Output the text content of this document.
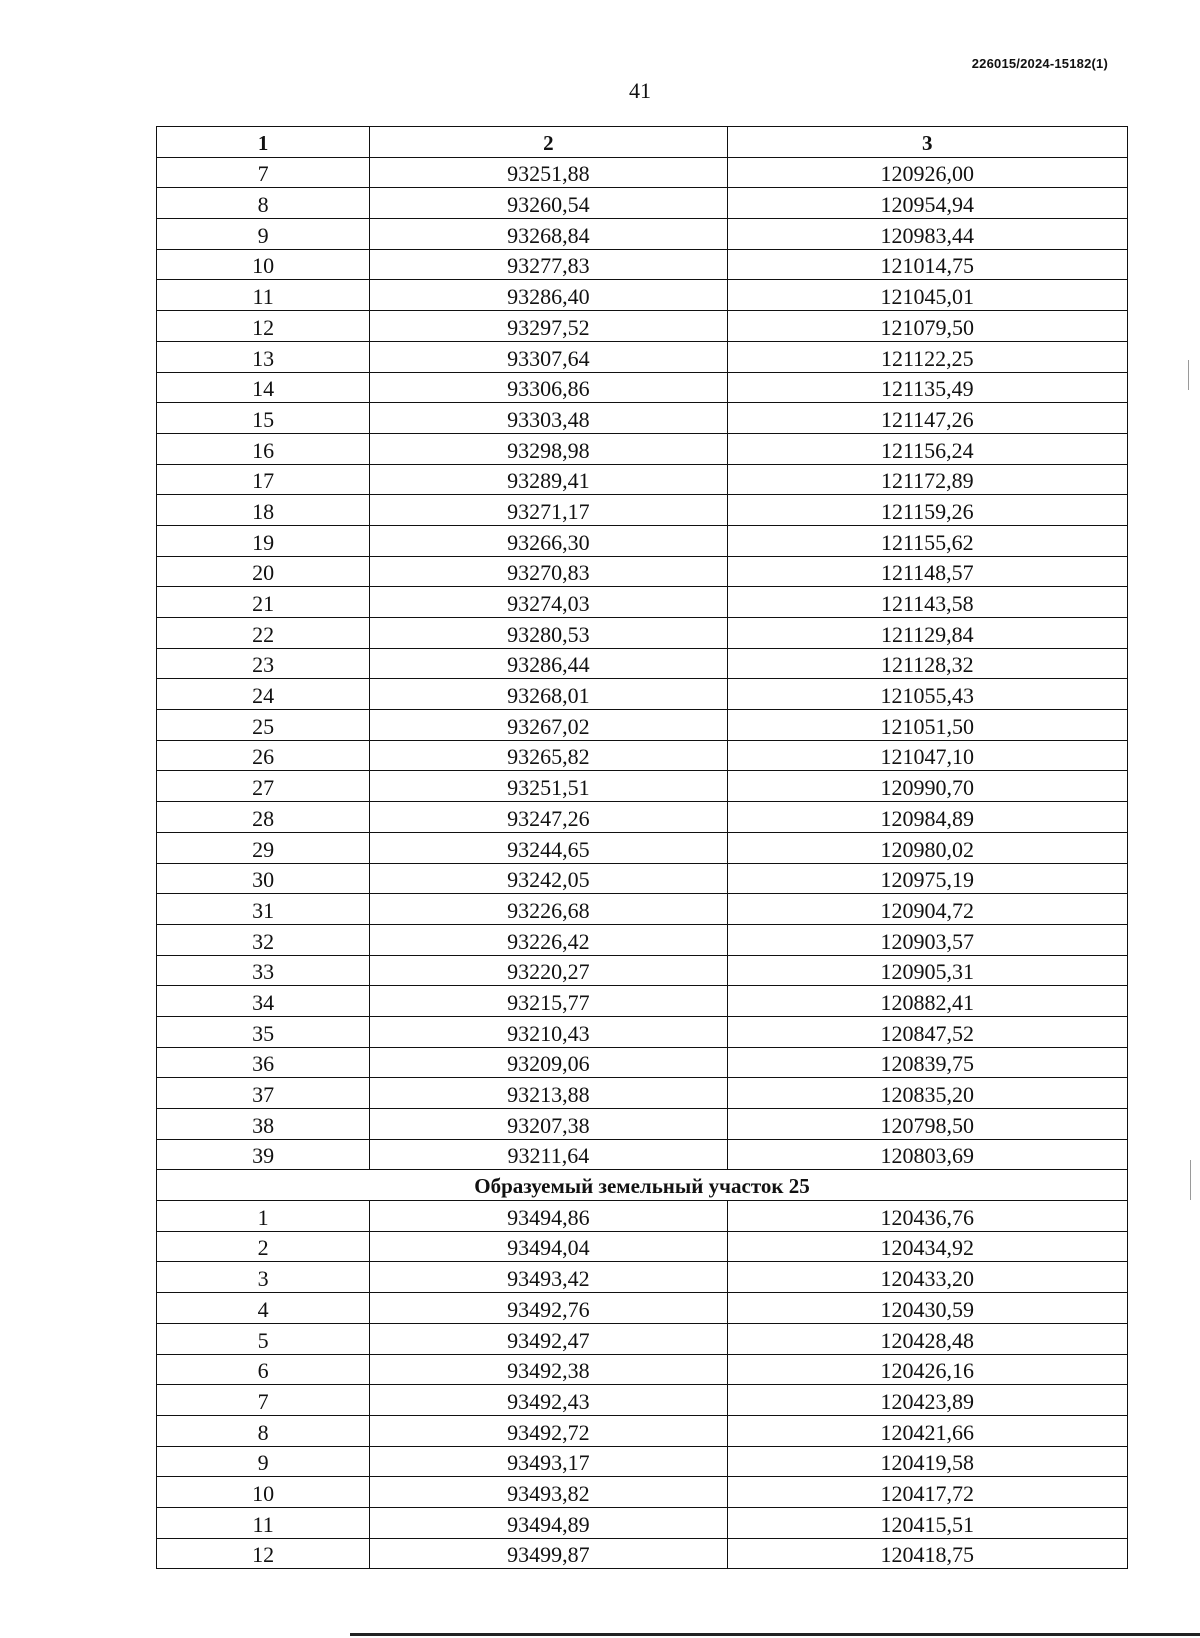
226015/2024-15182(1)
41
1	2	3
7	93251,88	120926,00
8	93260,54	120954,94
9	93268,84	120983,44
10	93277,83	121014,75
11	93286,40	121045,01
12	93297,52	121079,50
13	93307,64	121122,25
14	93306,86	121135,49
15	93303,48	121147,26
16	93298,98	121156,24
17	93289,41	121172,89
18	93271,17	121159,26
19	93266,30	121155,62
20	93270,83	121148,57
21	93274,03	121143,58
22	93280,53	121129,84
23	93286,44	121128,32
24	93268,01	121055,43
25	93267,02	121051,50
26	93265,82	121047,10
27	93251,51	120990,70
28	93247,26	120984,89
29	93244,65	120980,02
30	93242,05	120975,19
31	93226,68	120904,72
32	93226,42	120903,57
33	93220,27	120905,31
34	93215,77	120882,41
35	93210,43	120847,52
36	93209,06	120839,75
37	93213,88	120835,20
38	93207,38	120798,50
39	93211,64	120803,69
Образуемый земельный участок 25		
1	93494,86	120436,76
2	93494,04	120434,92
3	93493,42	120433,20
4	93492,76	120430,59
5	93492,47	120428,48
6	93492,38	120426,16
7	93492,43	120423,89
8	93492,72	120421,66
9	93493,17	120419,58
10	93493,82	120417,72
11	93494,89	120415,51
12	93499,87	120418,75
